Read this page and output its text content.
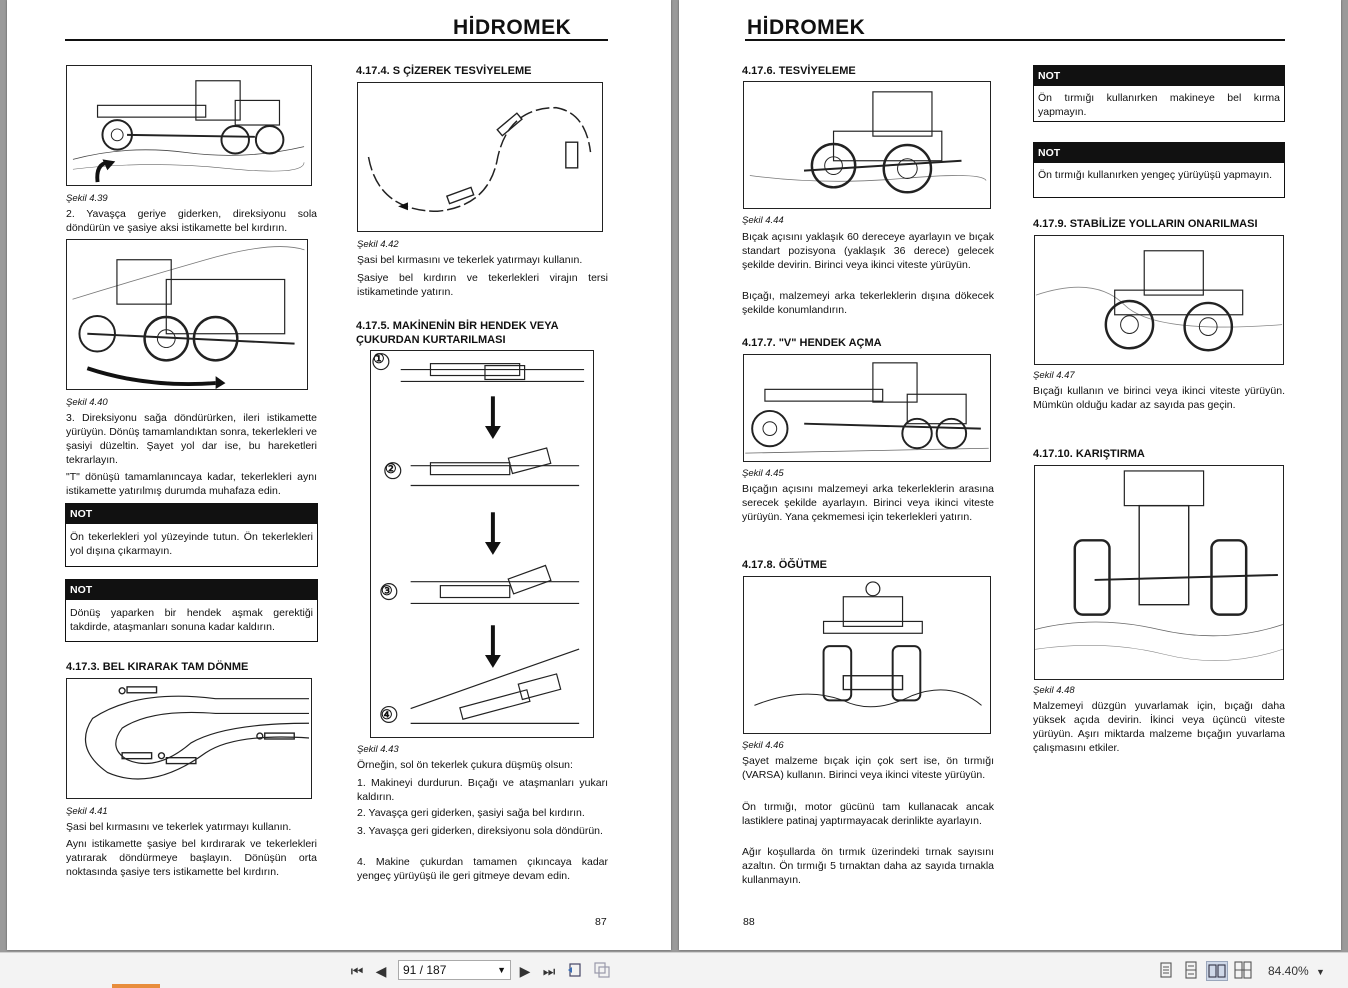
HİDROMEK
Şekil 4.39
2. Yavaşça geriye giderken, direksiyonu sola döndürün ve şasiye aksi istikamette bel kırdırın.
Şekil 4.40
3. Direksiyonu sağa döndürürken, ileri istikamette yürüyün. Dönüş tamamlandıktan sonra, tekerlekleri ve şasiyi düzeltin. Şayet yol dar ise, bu hareketleri tekrarlayın.
"T" dönüşü tamamlanıncaya kadar, tekerlekleri aynı istikamette yatırılmış durumda muhafaza edin.
NOT
Ön tekerlekleri yol yüzeyinde tutun. Ön tekerlekleri yol dışına çıkarmayın.
NOT
Dönüş yaparken bir hendek aşmak gerektiği takdirde, ataşmanları sonuna kadar kaldırın.
4.17.3. BEL KIRARAK TAM DÖNME
Şekil 4.41
Şasi bel kırmasını ve tekerlek yatırmayı kullanın.
Aynı istikamette şasiye bel kırdırarak ve tekerlekleri yatırarak döndürmeye başlayın. Dönüşün orta noktasında şasiye ters istikamette bel kırdırın.
4.17.4. S ÇİZEREK TESVİYELEME
Şekil 4.42
Şasi bel kırmasını ve tekerlek yatırmayı kullanın.
Şasiye bel kırdırın ve tekerlekleri virajın tersi istikametinde yatırın.
4.17.5. MAKİNENİN BİR HENDEK VEYA ÇUKURDAN KURTARILMASI
①
②
③
④
Şekil 4.43
Örneğin, sol ön tekerlek çukura düşmüş olsun:
1. Makineyi durdurun. Bıçağı ve ataşmanları yukarı kaldırın.
2. Yavaşça geri giderken, şasiyi sağa bel kırdırın.
3. Yavaşça geri giderken, direksiyonu sola döndürün.
4. Makine çukurdan tamamen çıkıncaya kadar yengeç yürüyüşü ile geri gitmeye devam edin.
87
HİDROMEK
4.17.6. TESVİYELEME
Şekil 4.44
Bıçak açısını yaklaşık 60 dereceye ayarlayın ve bıçak standart pozisyona (yaklaşık 36 derece) gelecek şekilde devirin. Birinci veya ikinci viteste yürüyün.
Bıçağı, malzemeyi arka tekerleklerin dışına dökecek şekilde konumlandırın.
4.17.7. "V" HENDEK AÇMA
Şekil 4.45
Bıçağın açısını malzemeyi arka tekerleklerin arasına serecek şekilde ayarlayın. Birinci veya ikinci viteste yürüyün. Yana çekmemesi için tekerlekleri yatırın.
4.17.8. ÖĞÜTME
Şekil 4.46
Şayet malzeme bıçak için çok sert ise, ön tırmığı (VARSA) kullanın. Birinci veya ikinci viteste yürüyün.
Ön tırmığı, motor gücünü tam kullanacak ancak lastiklere patinaj yaptırmayacak derinlikte ayarlayın.
Ağır koşullarda ön tırmık üzerindeki tırnak sayısını azaltın. Ön tırmığı 5 tırnaktan daha az sayıda tırnakla kullanmayın.
88
NOT
Ön tırmığı kullanırken makineye bel kırma yapmayın.
NOT
Ön tırmığı kullanırken yengeç yürüyüşü yapmayın.
4.17.9. STABİLİZE YOLLARIN ONARILMASI
Şekil 4.47
Bıçağı kullanın ve birinci veya ikinci viteste yürüyün. Mümkün olduğu kadar az sayıda pas geçin.
4.17.10. KARIŞTIRMA
Şekil 4.48
Malzemeyi düzgün yuvarlamak için, bıçağı daha yüksek açıda devirin. İkinci veya üçüncü viteste yürüyün. Aşırı miktarda malzeme bıçağın yuvarlama çalışmasını etkiler.
⏮ ◀	91 / 187	▼ ▶ ⏭	84.40% ▼
